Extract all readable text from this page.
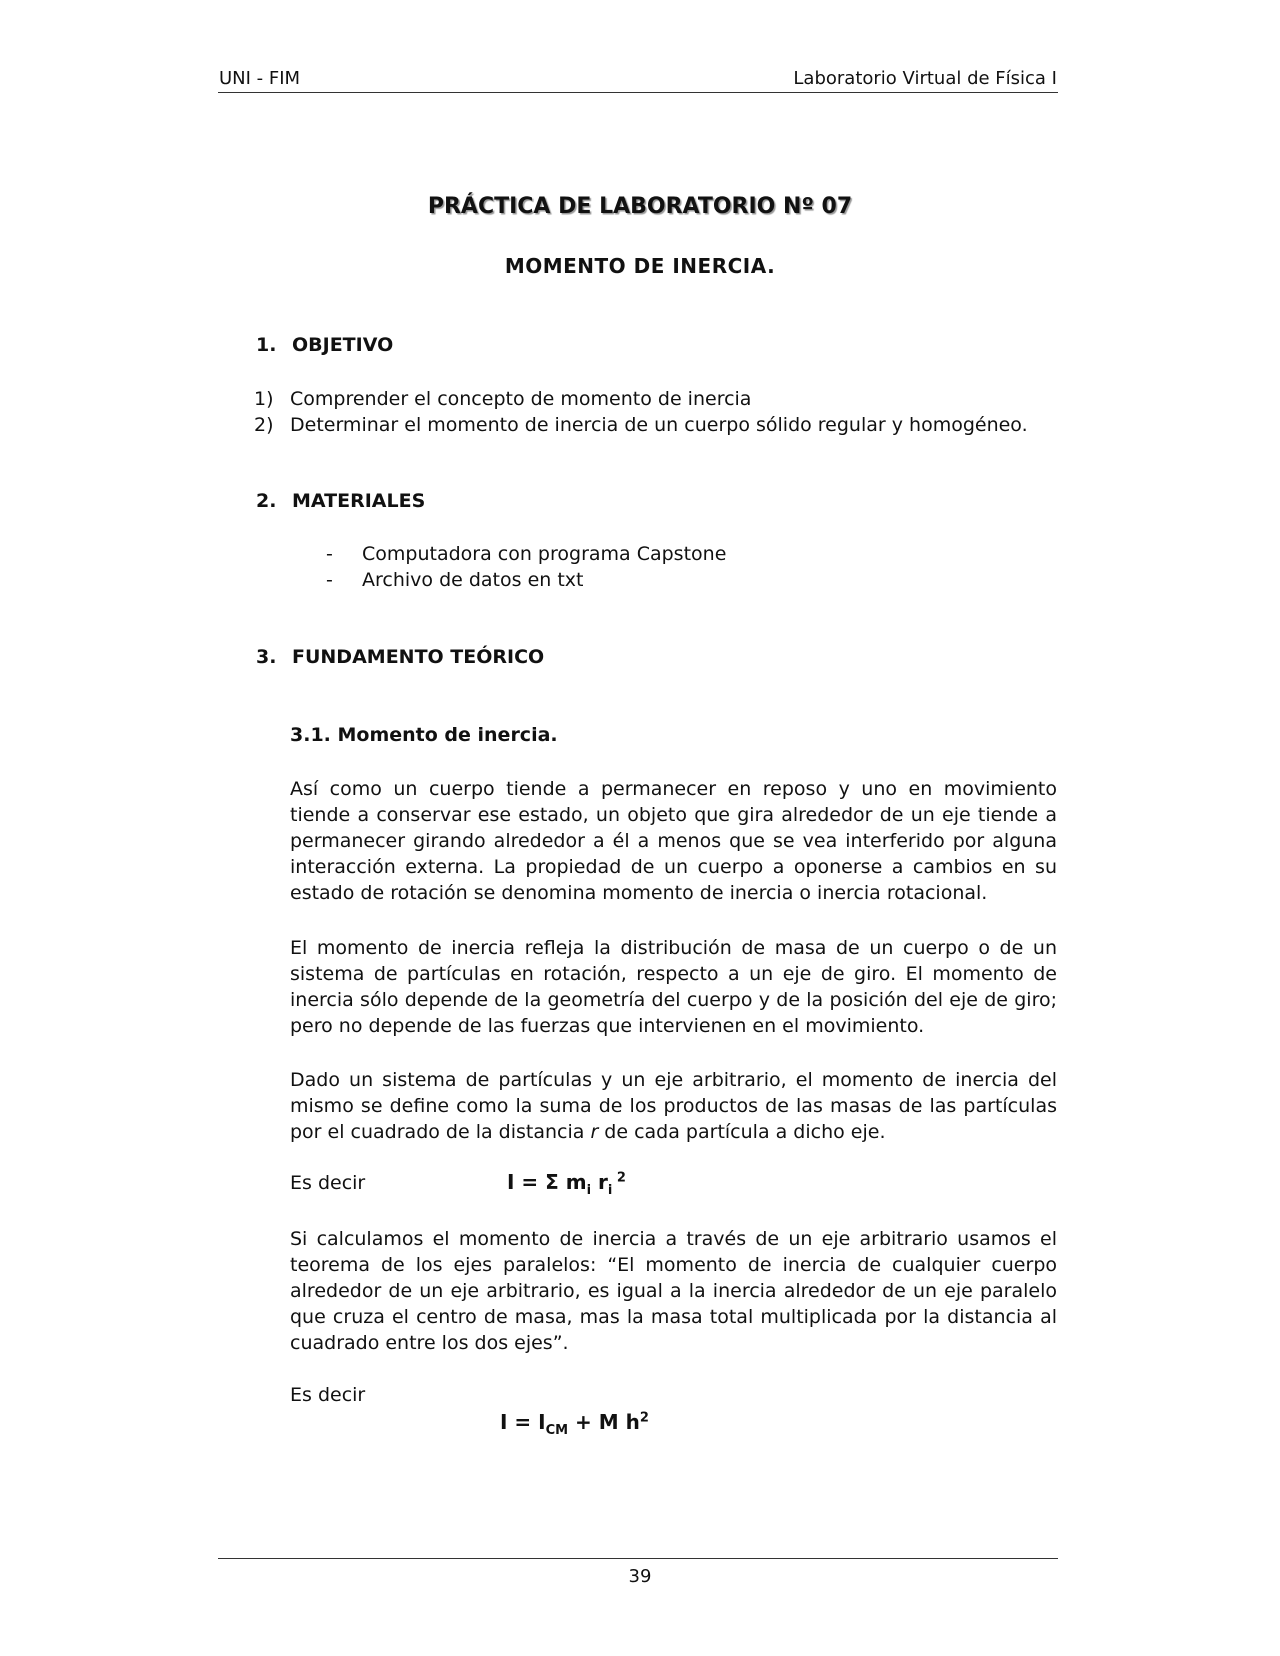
UNI - FIM	Laboratorio Virtual de Física I
PRÁCTICA DE LABORATORIO Nº 07
MOMENTO DE INERCIA.
1. OBJETIVO
1) Comprender el concepto de momento de inercia
2) Determinar el momento de inercia de un cuerpo sólido regular y homogéneo.
2. MATERIALES
- Computadora con programa Capstone
- Archivo de datos en txt
3. FUNDAMENTO TEÓRICO
3.1. Momento de inercia.
Así como un cuerpo tiende a permanecer en reposo y uno en movimiento tiende a conservar ese estado, un objeto que gira alrededor de un eje tiende a permanecer girando alrededor a él a menos que se vea interferido por alguna interacción externa. La propiedad de un cuerpo a oponerse a cambios en su estado de rotación se denomina momento de inercia o inercia rotacional.
El momento de inercia refleja la distribución de masa de un cuerpo o de un sistema de partículas en rotación, respecto a un eje de giro. El momento de inercia sólo depende de la geometría del cuerpo y de la posición del eje de giro; pero no depende de las fuerzas que intervienen en el movimiento.
Dado un sistema de partículas y un eje arbitrario, el momento de inercia del mismo se define como la suma de los productos de las masas de las partículas por el cuadrado de la distancia r de cada partícula a dicho eje.
Es decir	I = Σ $m_i$ $r_i$ $^2$
Si calculamos el momento de inercia a través de un eje arbitrario usamos el teorema de los ejes paralelos: “El momento de inercia de cualquier cuerpo alrededor de un eje arbitrario, es igual a la inercia alrededor de un eje paralelo que cruza el centro de masa, mas la masa total multiplicada por la distancia al cuadrado entre los dos ejes”.
Es decir
$I = I_{CM} + M$ $h^2$
39
